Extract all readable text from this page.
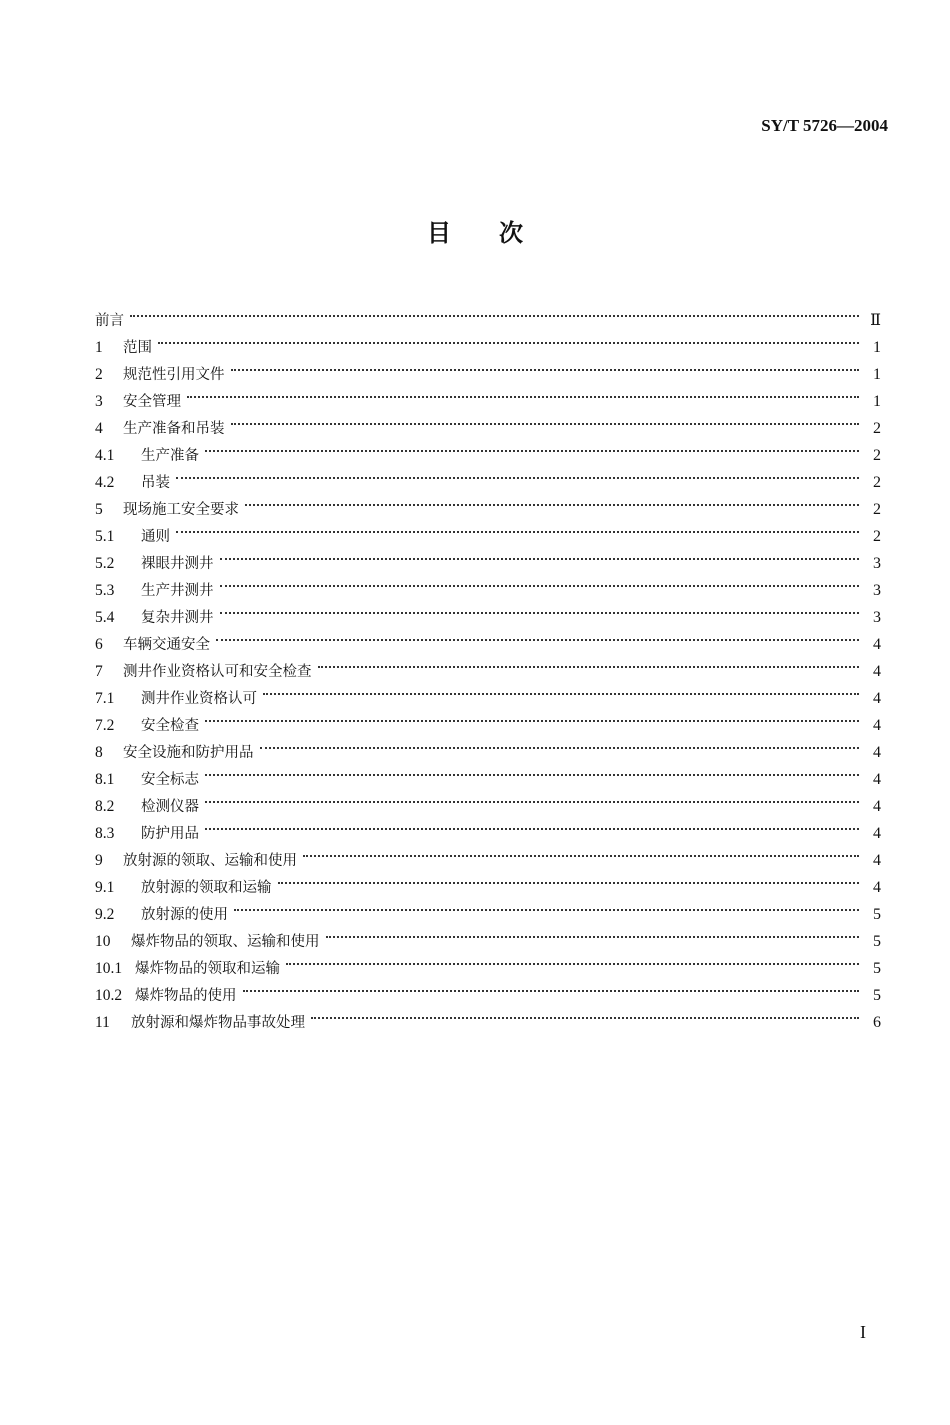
SY/T 5726—2004
目 次
前言	Ⅱ
1	范围	1
2	规范性引用文件	1
3	安全管理	1
4	生产准备和吊装	2
4.1	生产准备	2
4.2	吊装	2
5	现场施工安全要求	2
5.1	通则	2
5.2	裸眼井测井	3
5.3	生产井测井	3
5.4	复杂井测井	3
6	车辆交通安全	4
7	测井作业资格认可和安全检查	4
7.1	测井作业资格认可	4
7.2	安全检查	4
8	安全设施和防护用品	4
8.1	安全标志	4
8.2	检测仪器	4
8.3	防护用品	4
9	放射源的领取、运输和使用	4
9.1	放射源的领取和运输	4
9.2	放射源的使用	5
10	爆炸物品的领取、运输和使用	5
10.1 爆炸物品的领取和运输	5
10.2 爆炸物品的使用	5
11	放射源和爆炸物品事故处理	6
I
